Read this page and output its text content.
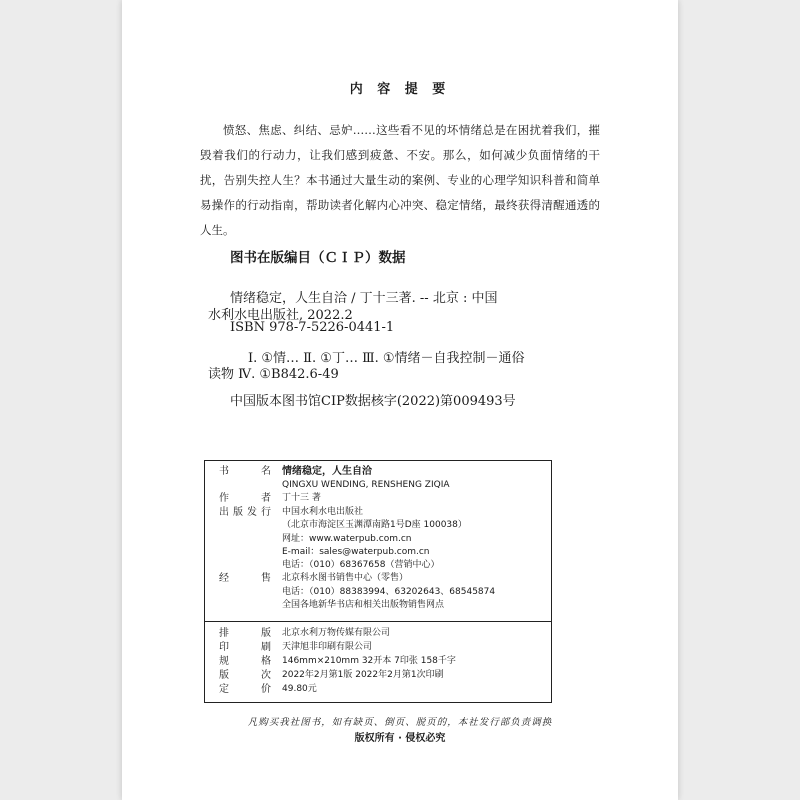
内 容 提 要

愤怒、焦虑、纠结、忌妒……这些看不见的坏情绪总是在困扰着我们，摧毁着我们的行动力，让我们感到疲惫、不安。那么，如何减少负面情绪的干扰，告别失控人生？本书通过大量生动的案例、专业的心理学知识科普和简单易操作的行动指南，帮助读者化解内心冲突、稳定情绪，最终获得清醒通透的人生。

图书在版编目（ＣＩＰ）数据
情绪稳定，人生自洽 / 丁十三著. -- 北京 : 中国
水利水电出版社, 2022.2
ISBN 978-7-5226-0441-1
Ⅰ. ①情… Ⅱ. ①丁… Ⅲ. ①情绪－自我控制－通俗
读物 Ⅳ. ①B842.6-49
中国版本图书馆CIP数据核字(2022)第009493号
书名 情绪稳定，人生自洽
QINGXU WENDING, RENSHENG ZIQIA
作者 丁十三 著
出版发行 中国水利水电出版社
（北京市海淀区玉渊潭南路1号D座 100038）
网址：www.waterpub.com.cn
E-mail：sales@waterpub.com.cn
电话：（010）68367658（营销中心）
经售 北京科水图书销售中心（零售）
电话：（010）88383994、63202643、68545874
全国各地新华书店和相关出版物销售网点
排版 北京水利万物传媒有限公司
印刷 天津旭非印刷有限公司
规格 146mm×210mm 32开本 7印张 158千字
版次 2022年2月第1版 2022年2月第1次印刷
定价 49.80元
凡购买我社图书，如有缺页、倒页、脱页的，本社发行部负责调换
版权所有 · 侵权必究
